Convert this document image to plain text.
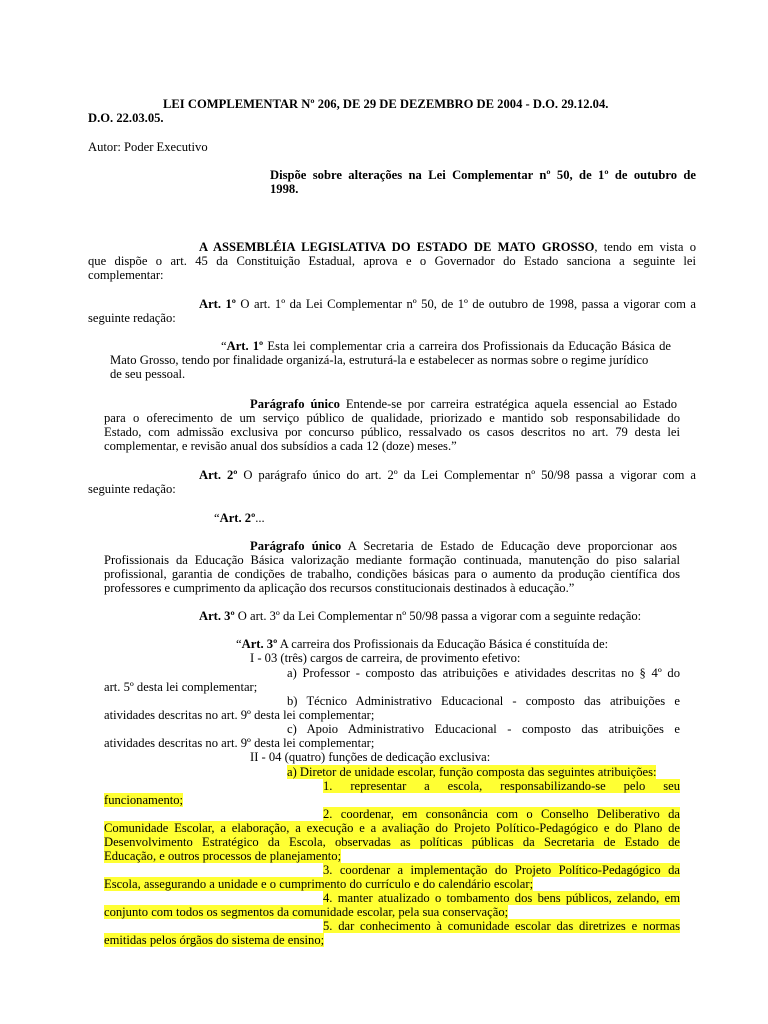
LEI COMPLEMENTAR Nº 206, DE 29 DE DEZEMBRO DE 2004 - D.O. 29.12.04.
D.O. 22.03.05.
Autor: Poder Executivo
Dispõe sobre alterações na Lei Complementar nº 50, de 1º de outubro de
1998.
A ASSEMBLÉIA LEGISLATIVA DO ESTADO DE MATO GROSSO, tendo em vista o
que dispõe o art. 45 da Constituição Estadual, aprova e o Governador do Estado sanciona a seguinte lei
complementar:
Art. 1º O art. 1º da Lei Complementar nº 50, de 1º de outubro de 1998, passa a vigorar com a
seguinte redação:
“Art. 1º Esta lei complementar cria a carreira dos Profissionais da Educação Básica de
Mato Grosso, tendo por finalidade organizá-la, estruturá-la e estabelecer as normas sobre o regime jurídico
de seu pessoal.
Parágrafo único Entende-se por carreira estratégica aquela essencial ao Estado
para o oferecimento de um serviço público de qualidade, priorizado e mantido sob responsabilidade do
Estado, com admissão exclusiva por concurso público, ressalvado os casos descritos no art. 79 desta lei
complementar, e revisão anual dos subsídios a cada 12 (doze) meses.”
Art. 2º O parágrafo único do art. 2º da Lei Complementar nº 50/98 passa a vigorar com a
seguinte redação:
“Art. 2º...
Parágrafo único A Secretaria de Estado de Educação deve proporcionar aos
Profissionais da Educação Básica valorização mediante formação continuada, manutenção do piso salarial
profissional, garantia de condições de trabalho, condições básicas para o aumento da produção científica dos
professores e cumprimento da aplicação dos recursos constitucionais destinados à educação.”
Art. 3º O art. 3º da Lei Complementar nº 50/98 passa a vigorar com a seguinte redação:
“Art. 3º A carreira dos Profissionais da Educação Básica é constituída de:
I - 03 (três) cargos de carreira, de provimento efetivo:
a) Professor - composto das atribuições e atividades descritas no § 4º do
art. 5º desta lei complementar;
b) Técnico Administrativo Educacional - composto das atribuições e
atividades descritas no art. 9º desta lei complementar;
c) Apoio Administrativo Educacional - composto das atribuições e
atividades descritas no art. 9º desta lei complementar;
II - 04 (quatro) funções de dedicação exclusiva:
a) Diretor de unidade escolar, função composta das seguintes atribuições:
1. representar a escola, responsabilizando-se pelo seu
funcionamento;
2. coordenar, em consonância com o Conselho Deliberativo da
Comunidade Escolar, a elaboração, a execução e a avaliação do Projeto Político-Pedagógico e do Plano de
Desenvolvimento Estratégico da Escola, observadas as políticas públicas da Secretaria de Estado de
Educação, e outros processos de planejamento;
3. coordenar a implementação do Projeto Político-Pedagógico da
Escola, assegurando a unidade e o cumprimento do currículo e do calendário escolar;
4. manter atualizado o tombamento dos bens públicos, zelando, em
conjunto com todos os segmentos da comunidade escolar, pela sua conservação;
5. dar conhecimento à comunidade escolar das diretrizes e normas
emitidas pelos órgãos do sistema de ensino;
